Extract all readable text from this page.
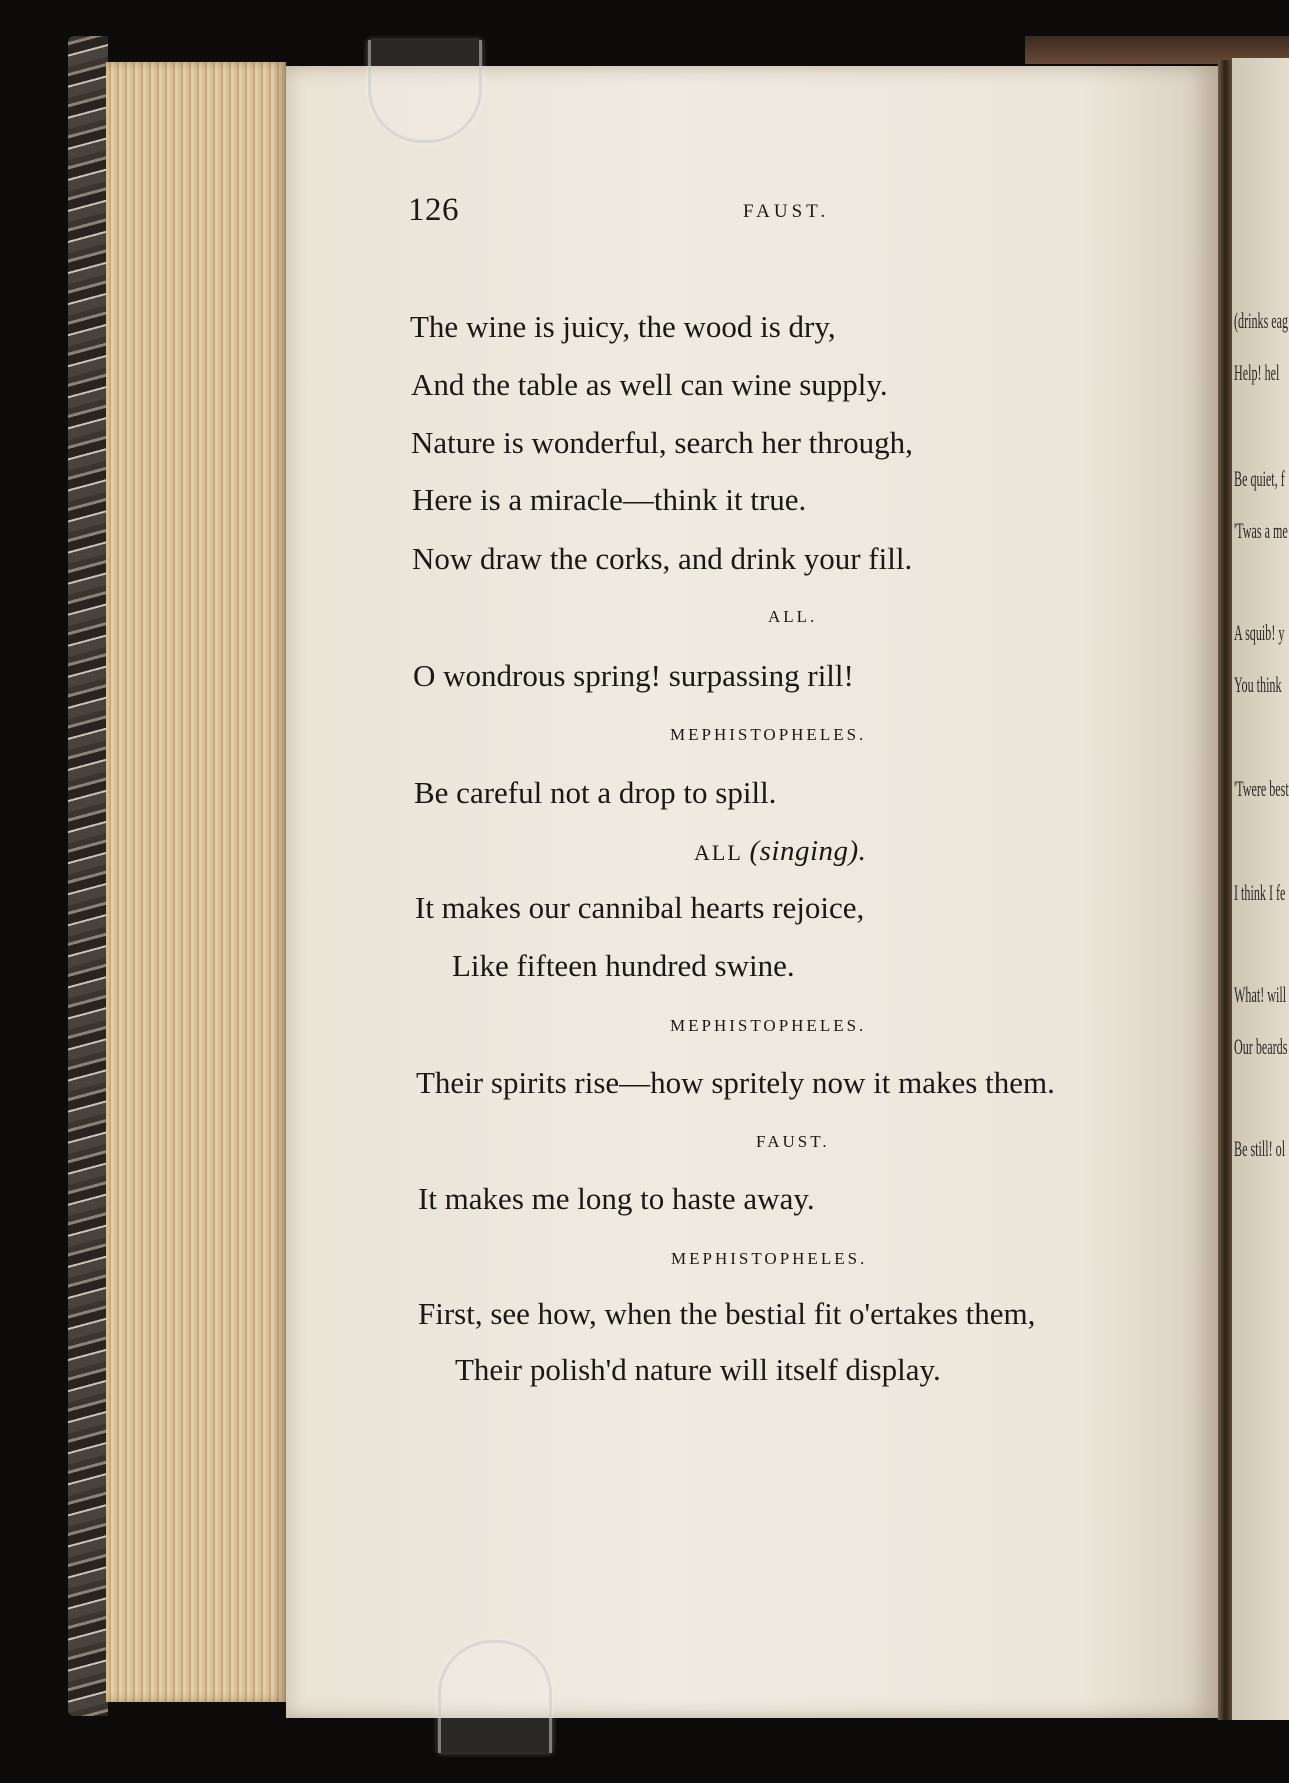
(drinks eag
Help! hel
Be quiet, f
'Twas a me
A squib! y
You think
'Twere best
I think I fe
What! will
Our beards
Be still! ol
126	FAUST.
The wine is juicy, the wood is dry,
And the table as well can wine supply.
Nature is wonderful, search her through,
Here is a miracle—think it true.
Now draw the corks, and drink your fill.
ALL.
O wondrous spring! surpassing rill!
MEPHISTOPHELES.
Be careful not a drop to spill.
ALL (singing).
It makes our cannibal hearts rejoice,
Like fifteen hundred swine.
MEPHISTOPHELES.
Their spirits rise—how spritely now it makes them.
FAUST.
It makes me long to haste away.
MEPHISTOPHELES.
First, see how, when the bestial fit o'ertakes them,
Their polish'd nature will itself display.
